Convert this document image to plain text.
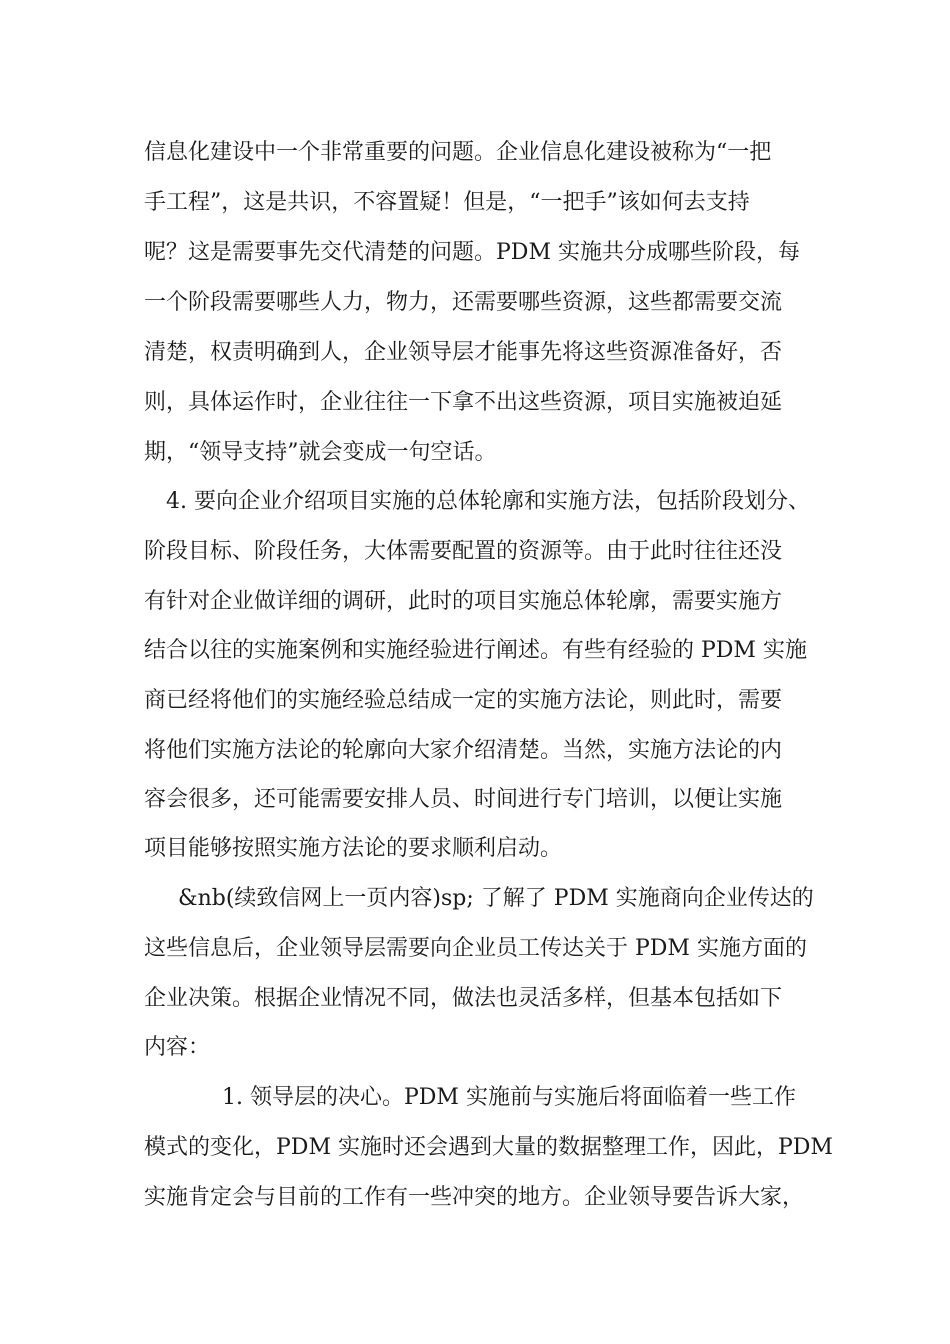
信息化建设中一个非常重要的问题。企业信息化建设被称为“一把
手工程”，这是共识，不容置疑！但是，“一把手”该如何去支持
呢？这是需要事先交代清楚的问题。PDM 实施共分成哪些阶段，每
一个阶段需要哪些人力，物力，还需要哪些资源，这些都需要交流
清楚，权责明确到人，企业领导层才能事先将这些资源准备好，否
则，具体运作时，企业往往一下拿不出这些资源，项目实施被迫延
期，“领导支持”就会变成一句空话。
4. 要向企业介绍项目实施的总体轮廓和实施方法，包括阶段划分、
阶段目标、阶段任务，大体需要配置的资源等。由于此时往往还没
有针对企业做详细的调研，此时的项目实施总体轮廓，需要实施方
结合以往的实施案例和实施经验进行阐述。有些有经验的 PDM 实施
商已经将他们的实施经验总结成一定的实施方法论，则此时，需要
将他们实施方法论的轮廓向大家介绍清楚。当然，实施方法论的内
容会很多，还可能需要安排人员、时间进行专门培训，以便让实施
项目能够按照实施方法论的要求顺利启动。
&nb(续致信网上一页内容)sp; 了解了 PDM 实施商向企业传达的
这些信息后，企业领导层需要向企业员工传达关于 PDM 实施方面的
企业决策。根据企业情况不同，做法也灵活多样，但基本包括如下
内容：
1. 领导层的决心。PDM 实施前与实施后将面临着一些工作
模式的变化，PDM 实施时还会遇到大量的数据整理工作，因此，PDM
实施肯定会与目前的工作有一些冲突的地方。企业领导要告诉大家，
